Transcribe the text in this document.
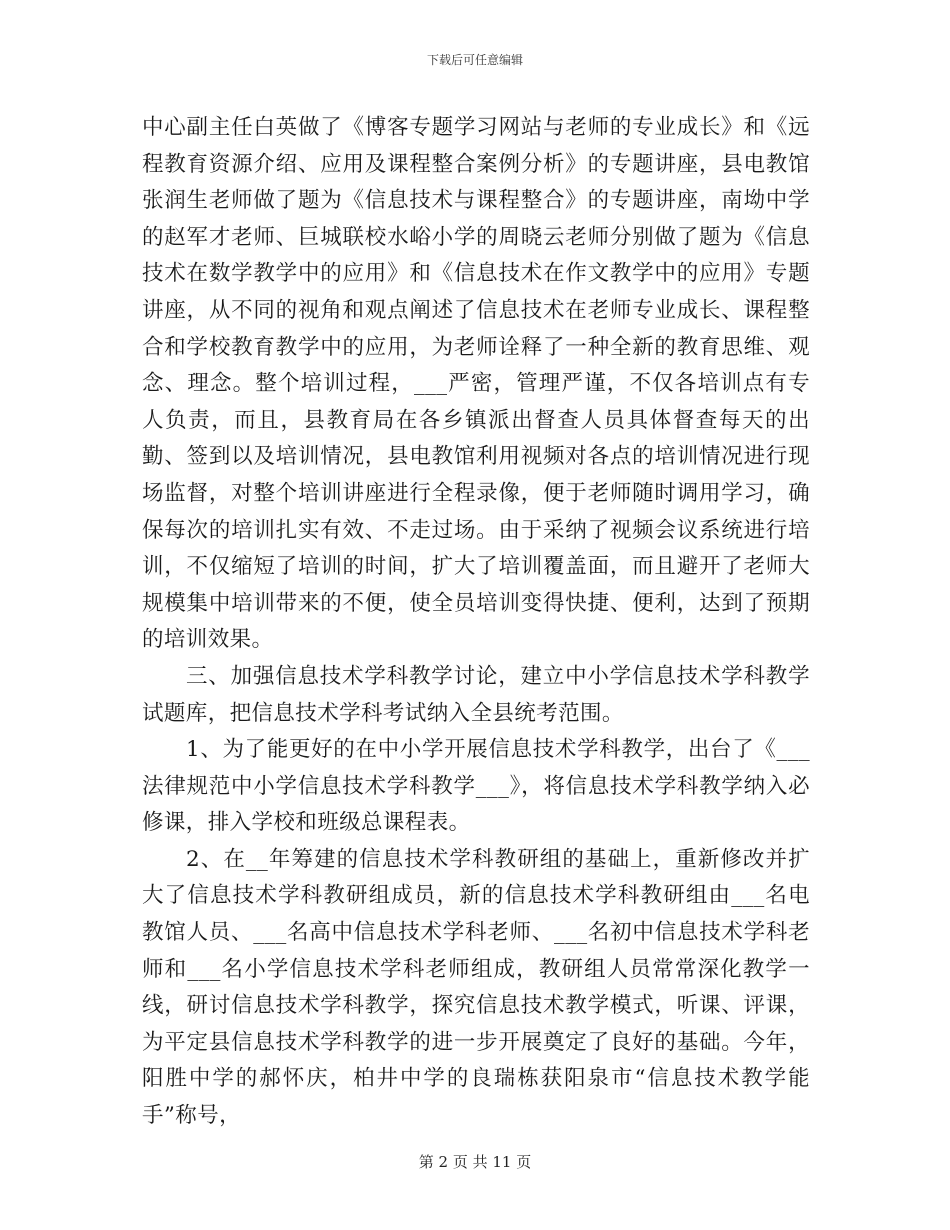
下载后可任意编辑

中心副主任白英做了《博客专题学习网站与老师的专业成长》和《远程教育资源介绍、应用及课程整合案例分析》的专题讲座，县电教馆张润生老师做了题为《信息技术与课程整合》的专题讲座，南坳中学的赵军才老师、巨城联校水峪小学的周晓云老师分别做了题为《信息技术在数学教学中的应用》和《信息技术在作文教学中的应用》专题讲座，从不同的视角和观点阐述了信息技术在老师专业成长、课程整合和学校教育教学中的应用，为老师诠释了一种全新的教育思维、观念、理念。整个培训过程，___严密，管理严谨，不仅各培训点有专人负责，而且，县教育局在各乡镇派出督查人员具体督查每天的出勤、签到以及培训情况，县电教馆利用视频对各点的培训情况进行现场监督，对整个培训讲座进行全程录像，便于老师随时调用学习，确保每次的培训扎实有效、不走过场。由于采纳了视频会议系统进行培训，不仅缩短了培训的时间，扩大了培训覆盖面，而且避开了老师大规模集中培训带来的不便，使全员培训变得快捷、便利，达到了预期的培训效果。

三、加强信息技术学科教学讨论，建立中小学信息技术学科教学试题库，把信息技术学科考试纳入全县统考范围。

1、为了能更好的在中小学开展信息技术学科教学，出台了《___法律规范中小学信息技术学科教学___》，将信息技术学科教学纳入必修课，排入学校和班级总课程表。

2、在__年筹建的信息技术学科教研组的基础上，重新修改并扩大了信息技术学科教研组成员，新的信息技术学科教研组由___名电教馆人员、___名高中信息技术学科老师、___名初中信息技术学科老师和___名小学信息技术学科老师组成，教研组人员常常深化教学一线，研讨信息技术学科教学，探究信息技术教学模式，听课、评课，为平定县信息技术学科教学的进一步开展奠定了良好的基础。今年，阳胜中学的郝怀庆，柏井中学的良瑞栋获阳泉市“信息技术教学能手”称号，

第 2 页 共 11 页
